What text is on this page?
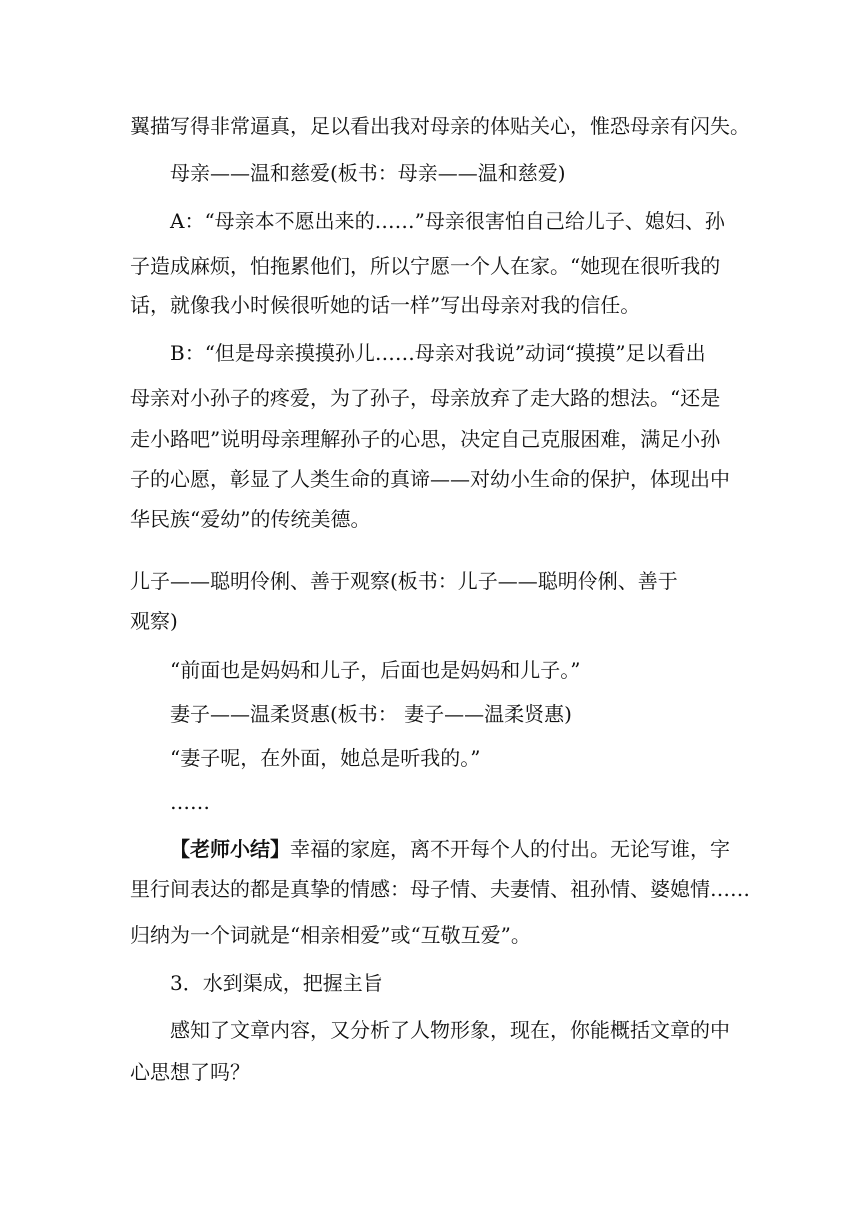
翼描写得非常逼真，足以看出我对母亲的体贴关心，惟恐母亲有闪失。
母亲——温和慈爱(板书：母亲——温和慈爱)
A：“母亲本不愿出来的……”母亲很害怕自己给儿子、媳妇、孙
子造成麻烦，怕拖累他们，所以宁愿一个人在家。“她现在很听我的
话，就像我小时候很听她的话一样”写出母亲对我的信任。
B：“但是母亲摸摸孙儿……母亲对我说”动词“摸摸”足以看出
母亲对小孙子的疼爱，为了孙子，母亲放弃了走大路的想法。“还是
走小路吧”说明母亲理解孙子的心思，决定自己克服困难，满足小孙
子的心愿，彰显了人类生命的真谛——对幼小生命的保护，体现出中
华民族“爱幼”的传统美德。
儿子——聪明伶俐、善于观察(板书：儿子——聪明伶俐、善于
观察)
“前面也是妈妈和儿子，后面也是妈妈和儿子。”
妻子——温柔贤惠(板书： 妻子——温柔贤惠)
“妻子呢，在外面，她总是听我的。”
……
【老师小结】幸福的家庭，离不开每个人的付出。无论写谁，字
里行间表达的都是真挚的情感：母子情、夫妻情、祖孙情、婆媳情……
归纳为一个词就是“相亲相爱”或“互敬互爱”。
3．水到渠成，把握主旨
感知了文章内容，又分析了人物形象，现在，你能概括文章的中
心思想了吗？
